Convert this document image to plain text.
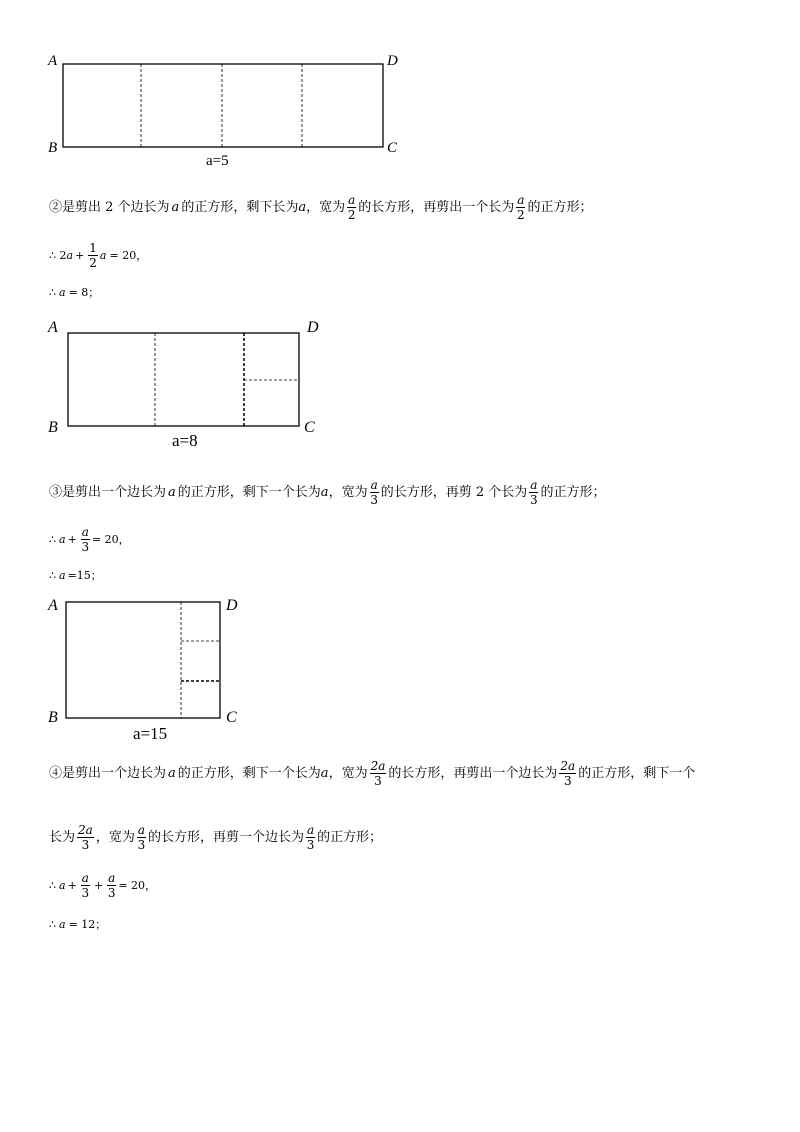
A
B	C
D
a=5
②是剪出 2 个边长为 a 的正方形，剩下长为 a ，宽为 $\frac{a}{2}$ 的长方形，再剪出一个长为 $\frac{a}{2}$ 的正方形；
∴ 2 $a + \frac{1}{2}$ a = 20，
∴ a = 8；
A
B	C
D
a=8
③是剪出一个边长为 a 的正方形，剩下一个长为 a ，宽为 $\frac{a}{3}$ 的长方形，再剪 2 个长为 $\frac{a}{3}$ 的正方形；
∴ $a + \frac{a}{3} = 20$，
∴ a =15；
A
B	C
D
a=15
④是剪出一个边长为 a 的正方形，剩下一个长为 a ，宽为 $\frac{2a}{3}$ 的长方形，再剪出一个边长为 $\frac{2a}{3}$ 的正方形，剩下一个
长为 $\frac{2a}{3}$ ，宽为 $\frac{a}{3}$ 的长方形，再剪一个边长为 $\frac{a}{3}$ 的正方形；
∴ $a + \frac{a}{3} + \frac{a}{3} = 20$，
∴ a = 12；
